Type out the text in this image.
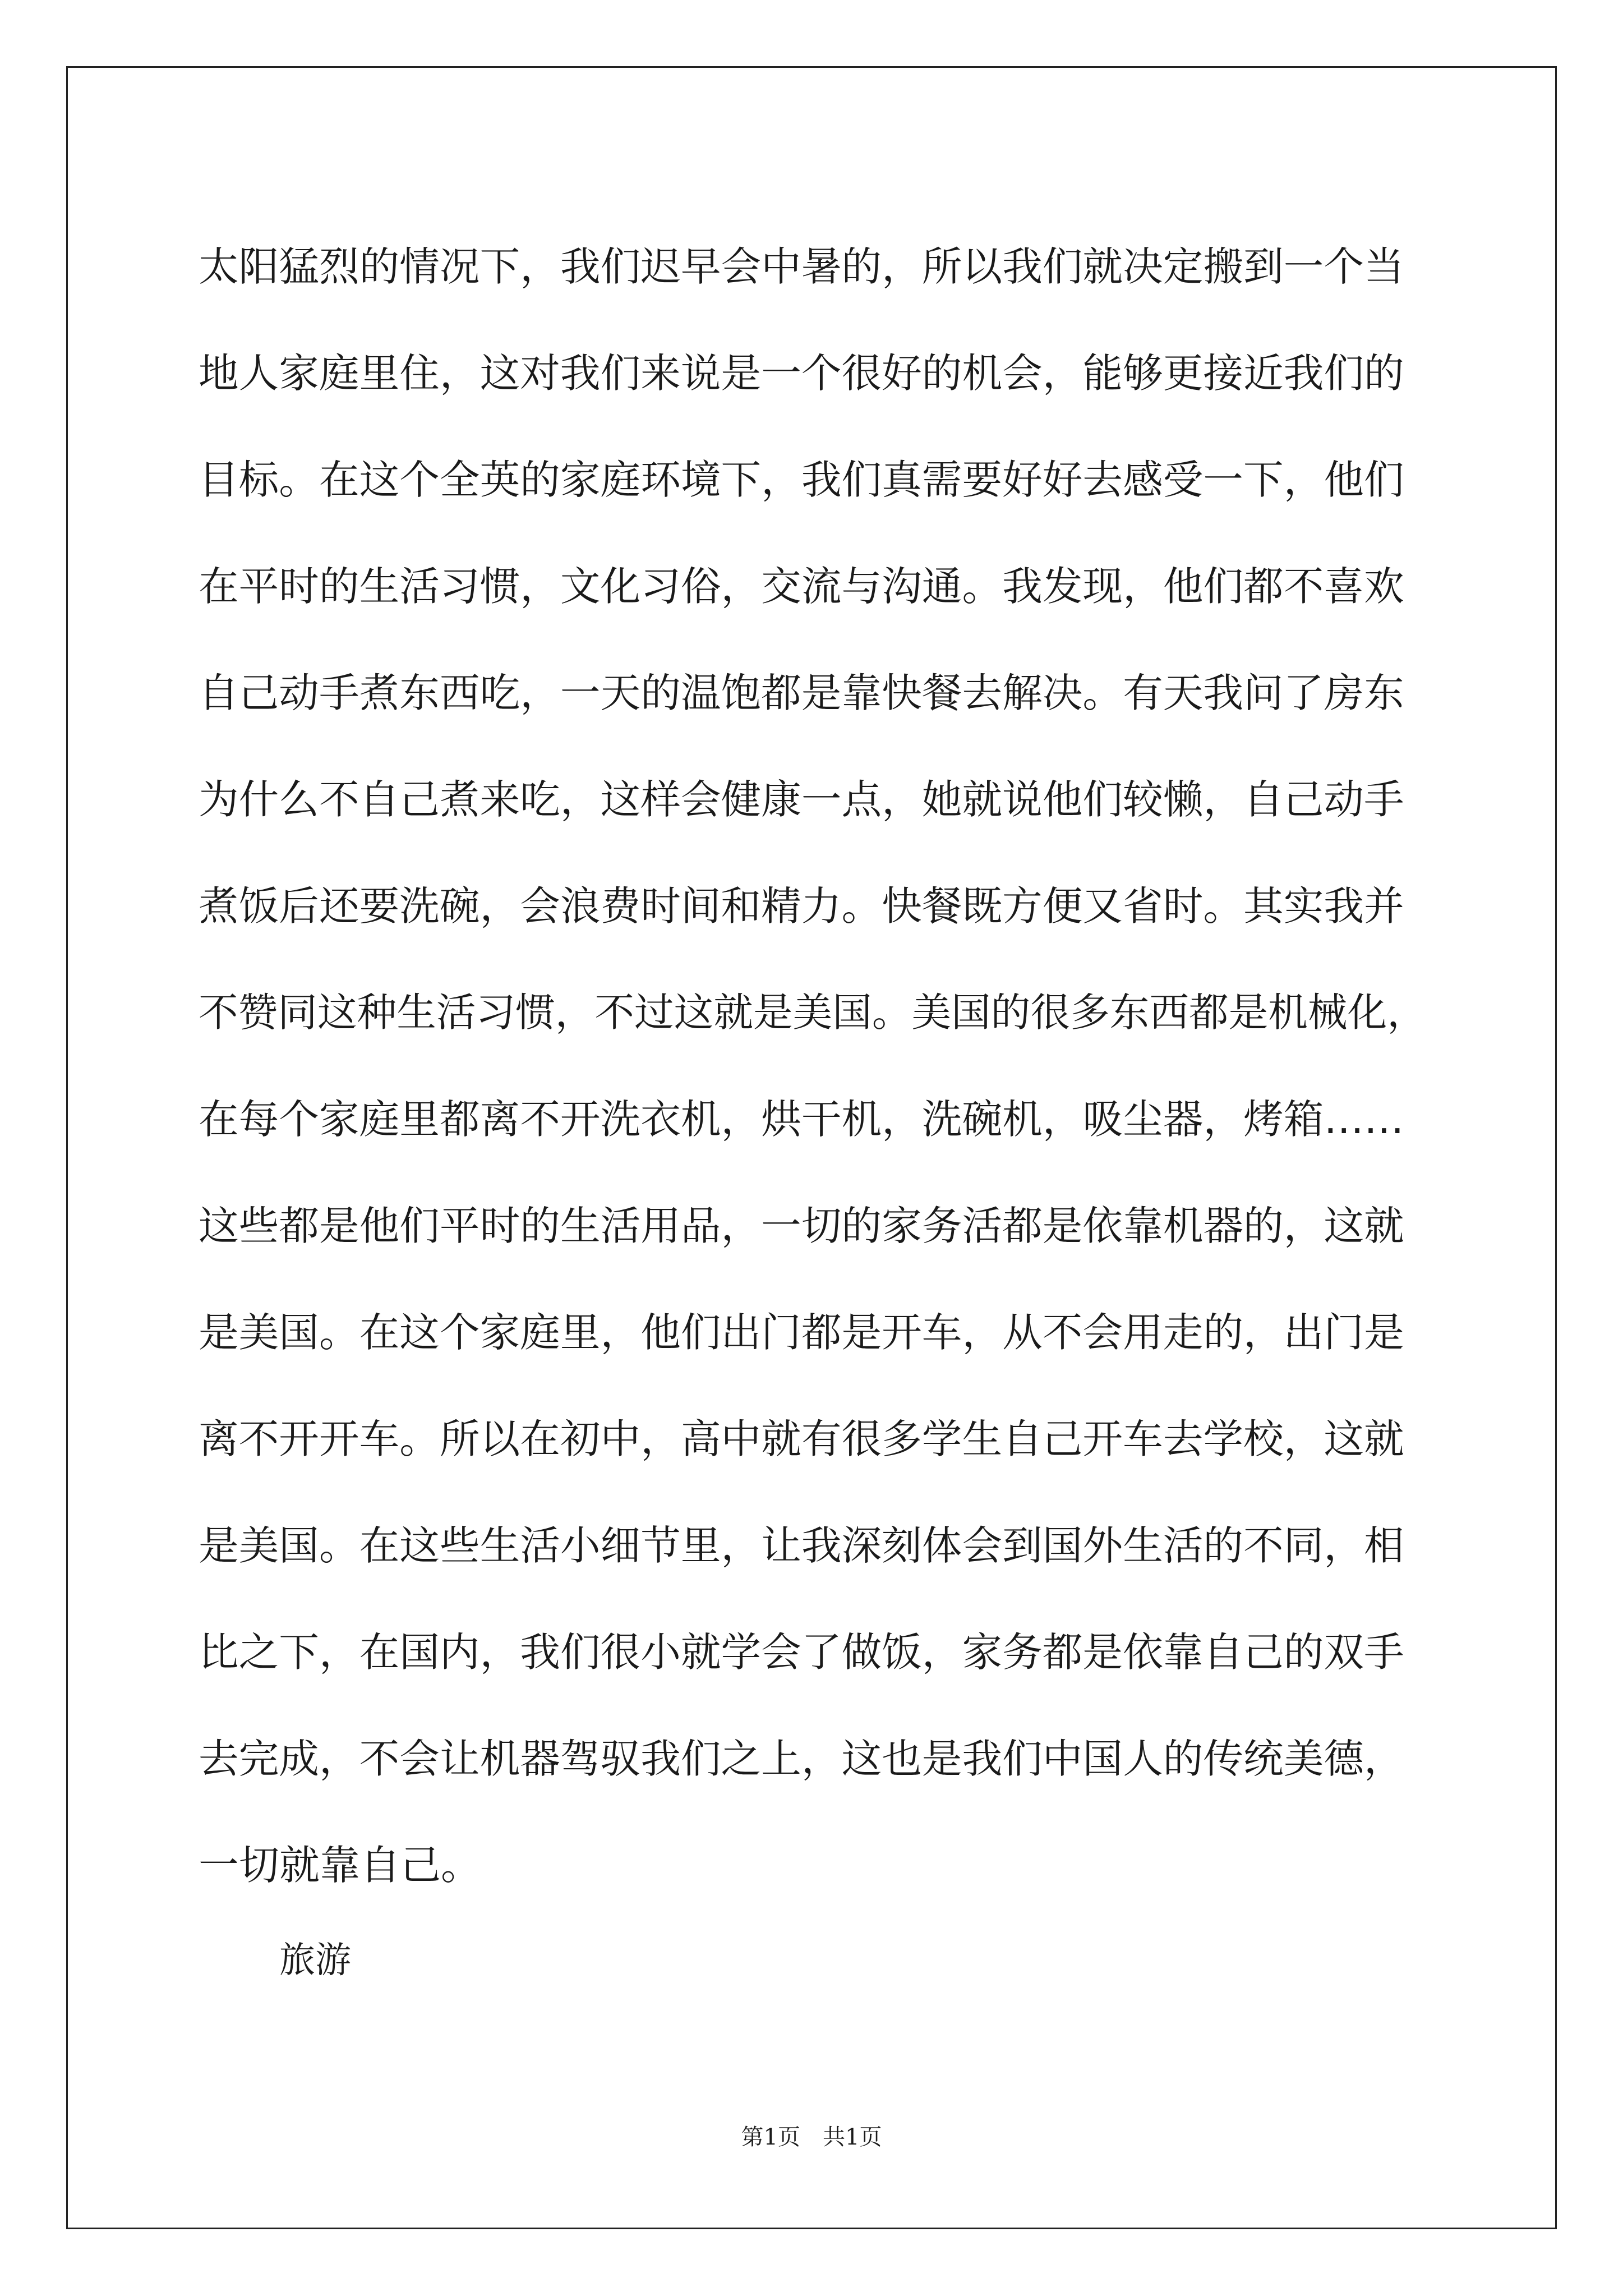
太阳猛烈的情况下，我们迟早会中暑的，所以我们就决定搬到一个当
地人家庭里住，这对我们来说是一个很好的机会，能够更接近我们的
目标。在这个全英的家庭环境下，我们真需要好好去感受一下，他们
在平时的生活习惯，文化习俗，交流与沟通。我发现，他们都不喜欢
自己动手煮东西吃，一天的温饱都是靠快餐去解决。有天我问了房东
为什么不自己煮来吃，这样会健康一点，她就说他们较懒，自己动手
煮饭后还要洗碗，会浪费时间和精力。快餐既方便又省时。其实我并
不赞同这种生活习惯，不过这就是美国。美国的很多东西都是机械化，
在每个家庭里都离不开洗衣机，烘干机，洗碗机，吸尘器，烤箱……
这些都是他们平时的生活用品，一切的家务活都是依靠机器的，这就
是美国。在这个家庭里，他们出门都是开车，从不会用走的，出门是
离不开开车。所以在初中，高中就有很多学生自己开车去学校，这就
是美国。在这些生活小细节里，让我深刻体会到国外生活的不同，相
比之下，在国内，我们很小就学会了做饭，家务都是依靠自己的双手
去完成，不会让机器驾驭我们之上，这也是我们中国人的传统美德，
一切就靠自己。
旅游
第1页 共1页
